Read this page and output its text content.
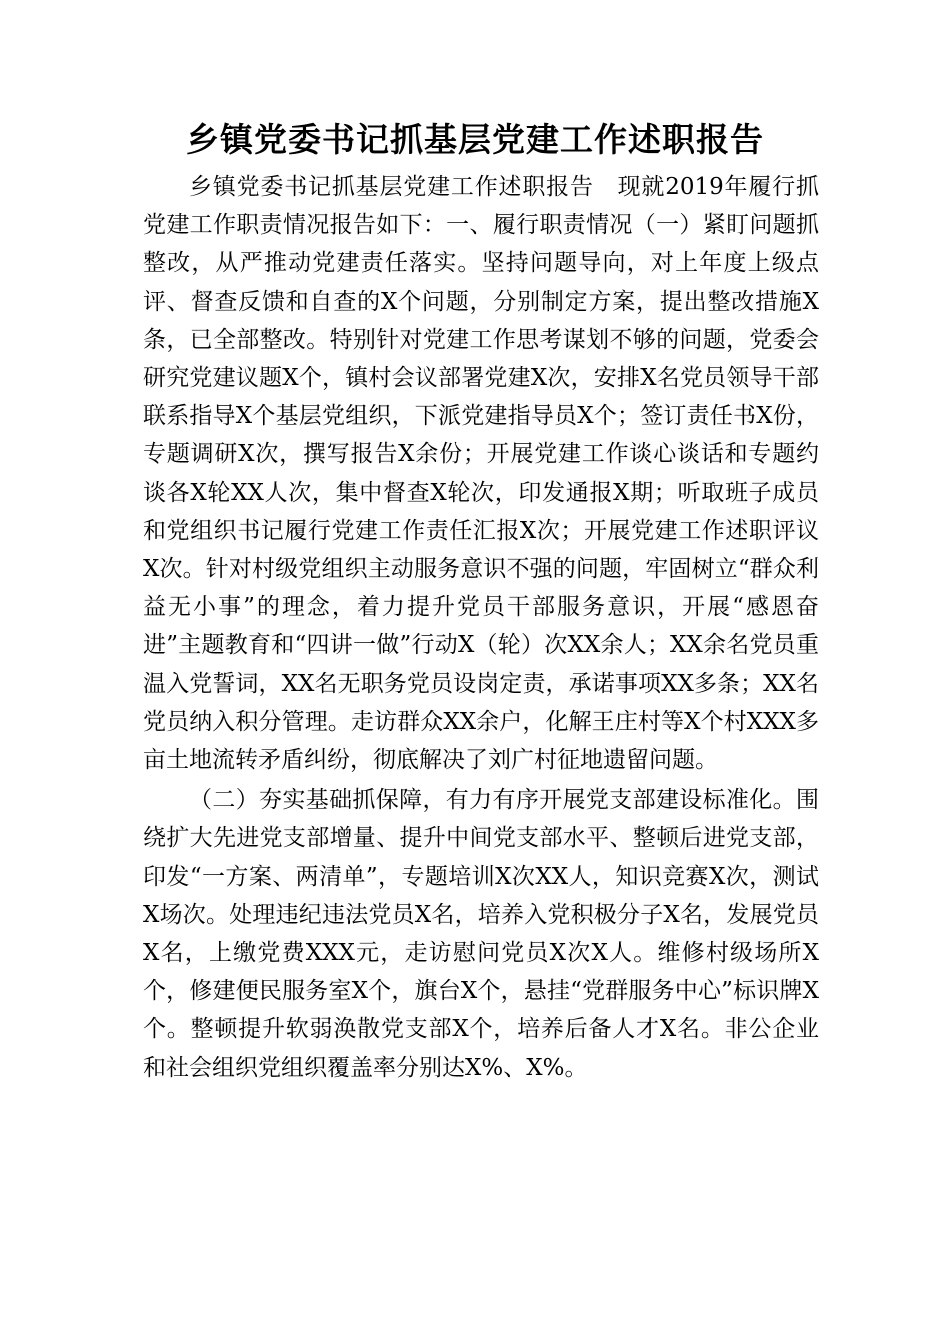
乡镇党委书记抓基层党建工作述职报告

乡镇党委书记抓基层党建工作述职报告　现就2019年履行抓党建工作职责情况报告如下：一、履行职责情况（一）紧盯问题抓整改，从严推动党建责任落实。坚持问题导向，对上年度上级点评、督查反馈和自查的X个问题，分别制定方案，提出整改措施X条，已全部整改。特别针对党建工作思考谋划不够的问题，党委会研究党建议题X个，镇村会议部署党建X次，安排X名党员领导干部联系指导X个基层党组织，下派党建指导员X个；签订责任书X份，专题调研X次，撰写报告X余份；开展党建工作谈心谈话和专题约谈各X轮XX人次，集中督查X轮次，印发通报X期；听取班子成员和党组织书记履行党建工作责任汇报X次；开展党建工作述职评议X次。针对村级党组织主动服务意识不强的问题，牢固树立“群众利益无小事”的理念，着力提升党员干部服务意识，开展“感恩奋进”主题教育和“四讲一做”行动X（轮）次XX余人；XX余名党员重温入党誓词，XX名无职务党员设岗定责，承诺事项XX多条；XX名党员纳入积分管理。走访群众XX余户，化解王庄村等X个村XXX多亩土地流转矛盾纠纷，彻底解决了刘广村征地遗留问题。

（二）夯实基础抓保障，有力有序开展党支部建设标准化。围绕扩大先进党支部增量、提升中间党支部水平、整顿后进党支部，印发“一方案、两清单”，专题培训X次XX人，知识竞赛X次，测试X场次。处理违纪违法党员X名，培养入党积极分子X名，发展党员X名，上缴党费XXX元，走访慰问党员X次X人。维修村级场所X个，修建便民服务室X个，旗台X个，悬挂“党群服务中心”标识牌X个。整顿提升软弱涣散党支部X个，培养后备人才X名。非公企业和社会组织党组织覆盖率分别达X%、X%。
